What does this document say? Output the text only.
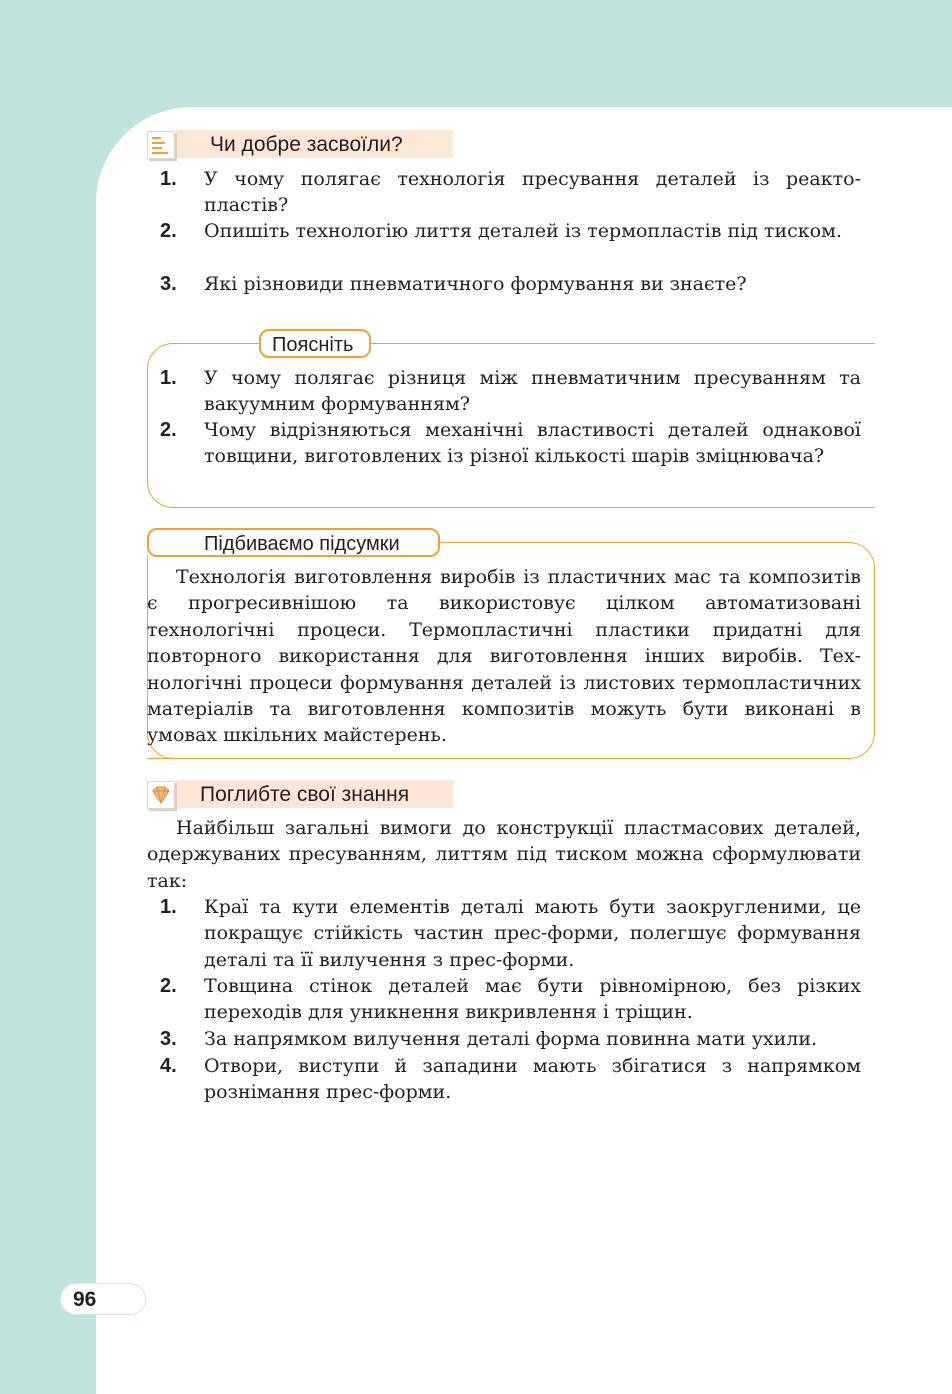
Чи добре засвоїли?
1.	У чому полягає технологія пресування деталей із реактопластів?
2.	Опишіть технологію лиття деталей із термопластів під тиском.
3.	Які різновиди пневматичного формування ви знаєте?
Поясніть
1.	У чому полягає різниця між пневматичним пресуванням та вакуумним формуванням?
2.	Чому відрізняються механічні властивості деталей однакової товщини, виготовлених із різної кількості шарів зміцнювача?
Підбиваємо підсумки
Технологія виготовлення виробів із пластичних мас та композитів є прогресивнішою та використовує цілком автоматизовані технологічні процеси. Термопластичні пластики придатні для повторного використання для виготовлення інших виробів. Технологічні процеси формування деталей із листових термопластичних матеріалів та виготовлення композитів можуть бути виконані в умовах шкільних майстерень.
Поглибте свої знання
Найбільш загальні вимоги до конструкції пластмасових деталей, одержуваних пресуванням, литтям під тиском можна сформулювати так:
1.	Краї та кути елементів деталі мають бути заокругленими, це покращує стійкість частин прес-форми, полегшує формування деталі та її вилучення з прес-форми.
2.	Товщина стінок деталей має бути рівномірною, без різких переходів для уникнення викривлення і тріщин.
3.	За напрямком вилучення деталі форма повинна мати ухили.
4.	Отвори, виступи й западини мають збігатися з напрямком рознімання прес-форми.
96
